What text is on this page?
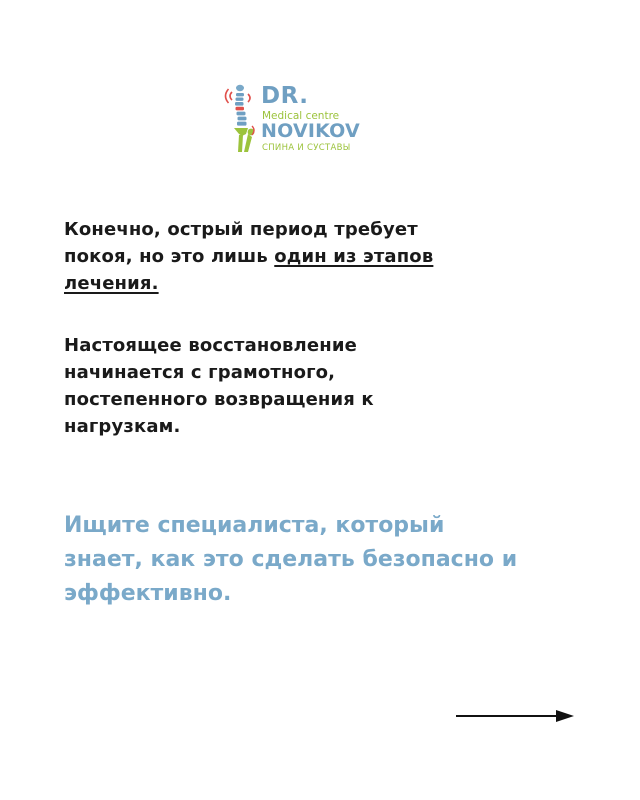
DR.
Medical centre
NOVIKOV
СПИНА И СУСТАВЫ

Конечно, острый период требует
покоя, но это лишь один из этапов
лечения.

Настоящее восстановление
начинается с грамотного,
постепенного возвращения к
нагрузкам.

Ищите специалиста, который
знает, как это сделать безопасно и
эффективно.
